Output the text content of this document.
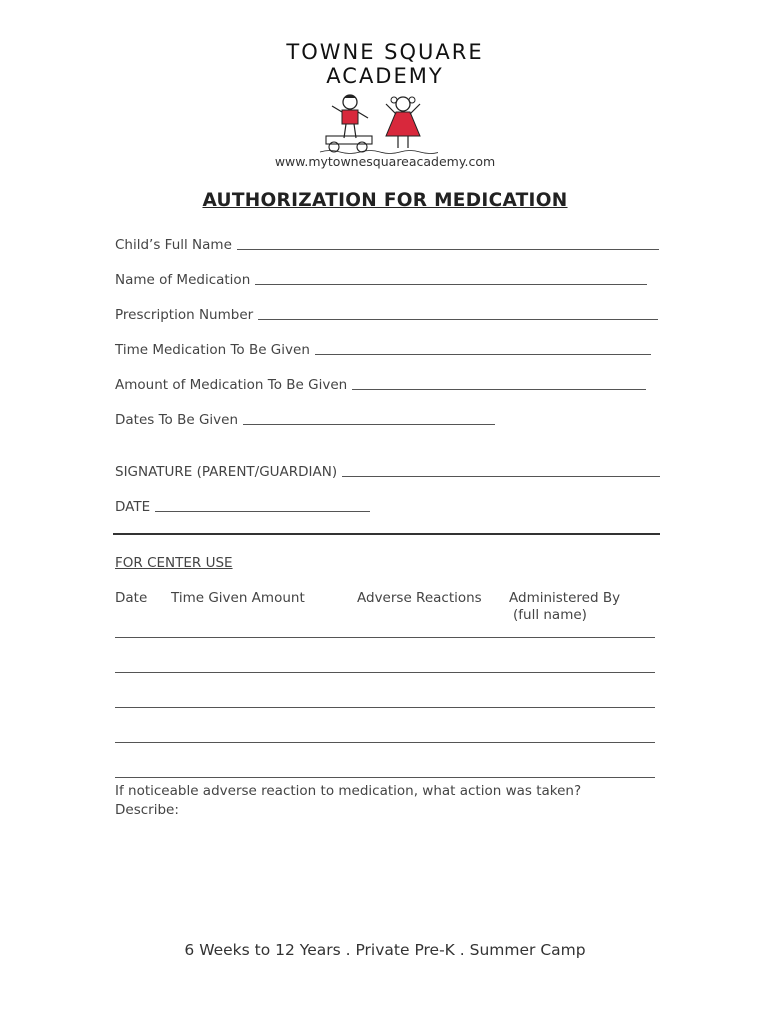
TOWNE SQUARE
ACADEMY
www.mytownesquareacademy.com
AUTHORIZATION FOR MEDICATION
Child’s Full Name
Name of Medication
Prescription Number
Time Medication To Be Given
Amount of Medication To Be Given
Dates To Be Given
SIGNATURE (PARENT/GUARDIAN)
DATE
FOR CENTER USE
Date Time Given Amount	Adverse Reactions Administered By
(full name)
If noticeable adverse reaction to medication, what action was taken?
Describe:
6 Weeks to 12 Years . Private Pre-K . Summer Camp
